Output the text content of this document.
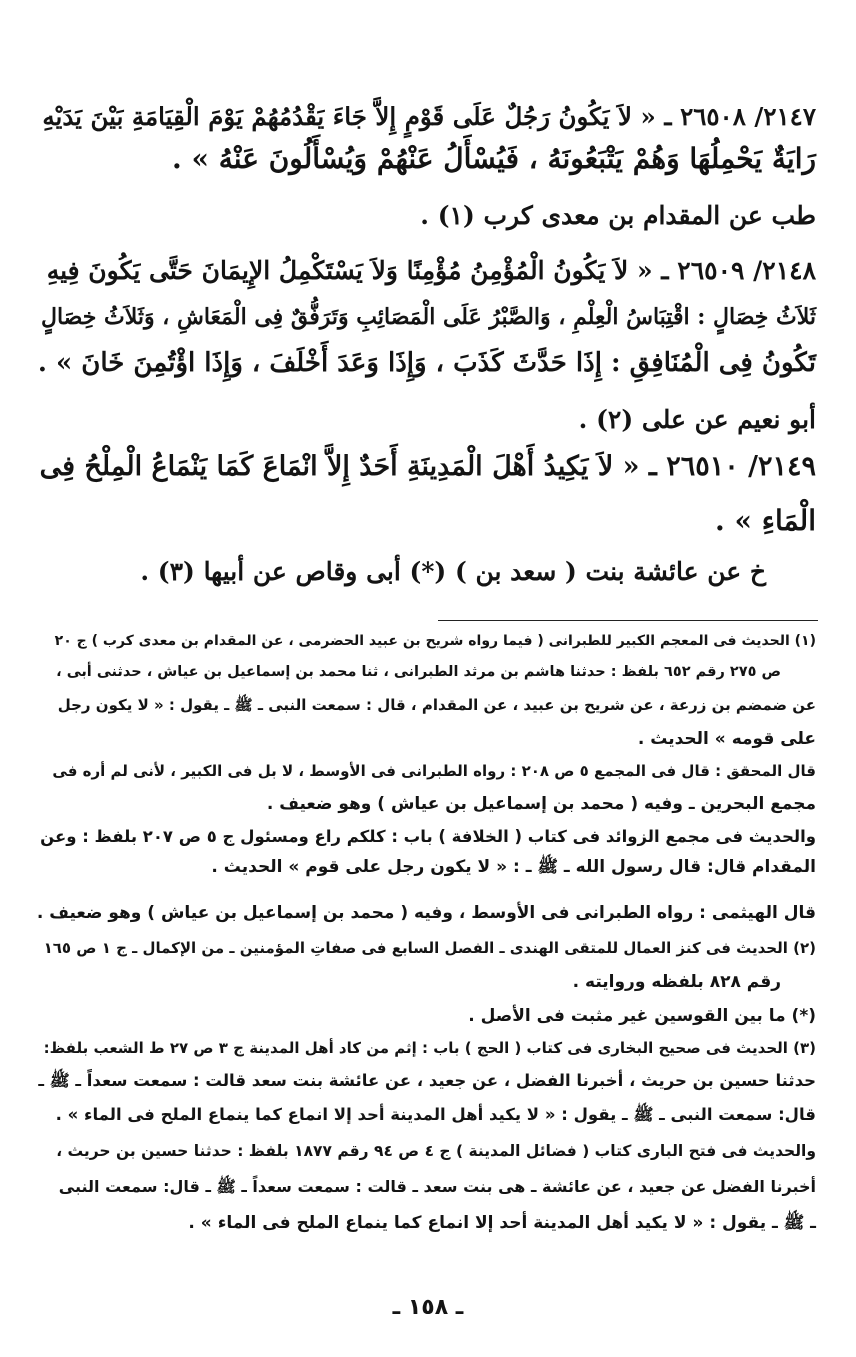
٢١٤٧/ ٢٦٥٠٨ ـ « لاَ يَكُونُ رَجُلٌ عَلَى قَوْمٍ إِلاَّ جَاءَ يَقْدُمُهُمْ يَوْمَ الْقِيَامَةِ بَيْنَ يَدَيْهِ
رَايَةٌ يَحْمِلُهَا وَهُمْ يَتْبَعُونَهُ ، فَيُسْأَلُ عَنْهُمْ وَيُسْأَلُونَ عَنْهُ » .
طب عن المقدام بن معدى كرب (١) .
٢١٤٨/ ٢٦٥٠٩ ـ « لاَ يَكُونُ الْمُؤْمِنُ مُؤْمِنًا وَلاَ يَسْتَكْمِلُ الإِيمَانَ حَتَّى يَكُونَ فِيهِ
ثَلاَثُ خِصَالٍ : اقْتِبَاسُ الْعِلْمِ ، وَالصَّبْرُ عَلَى الْمَصَائِبِ وَتَرَفُّقٌ فِى الْمَعَاشِ ، وَثَلاَثُ خِصَالٍ
تَكُونُ فِى الْمُنَافِقِ : إِذَا حَدَّثَ كَذَبَ ، وَإِذَا وَعَدَ أَخْلَفَ ، وَإِذَا اؤْتُمِنَ خَانَ » .
أبو نعيم عن على (٢) .
٢١٤٩/ ٢٦٥١٠ ـ « لاَ يَكِيدُ أَهْلَ الْمَدِينَةِ أَحَدٌ إِلاَّ انْمَاعَ كَمَا يَنْمَاعُ الْمِلْحُ فِى
الْمَاءِ » .
خ عن عائشة بنت ( سعد بن ) (*) أبى وقاص عن أبيها (٣) .
(١) الحديث فى المعجم الكبير للطبرانى ( فيما رواه شريح بن عبيد الحضرمى ، عن المقدام بن معدى كرب ) ج ٢٠
ص ٢٧٥ رقم ٦٥٢ بلفظ : حدثنا هاشم بن مرثد الطبرانى ، ثنا محمد بن إسماعيل بن عياش ، حدثنى أبى ،
عن ضمضم بن زرعة ، عن شريح بن عبيد ، عن المقدام ، قال : سمعت النبى ـ ﷺ ـ يقول : « لا يكون رجل
على قومه » الحديث .
قال المحقق : قال فى المجمع ٥ ص ٢٠٨ : رواه الطبرانى فى الأوسط ، لا بل فى الكبير ، لأنى لم أره فى
مجمع البحرين ـ وفيه ( محمد بن إسماعيل بن عياش ) وهو ضعيف .
والحديث فى مجمع الزوائد فى كتاب ( الخلافة ) باب : كلكم راع ومسئول ج ٥ ص ٢٠٧ بلفظ : وعن
المقدام قال: قال رسول الله ـ ﷺ ـ : « لا يكون رجل على قوم » الحديث .
قال الهيثمى : رواه الطبرانى فى الأوسط ، وفيه ( محمد بن إسماعيل بن عياش ) وهو ضعيف .
(٢) الحديث فى كنز العمال للمتقى الهندى ـ الفصل السابع فى صفاتِ المؤمنين ـ من الإكمال ـ ج ١ ص ١٦٥
رقم ٨٢٨ بلفظه وروايته .
(*) ما بين القوسين غير مثبت فى الأصل .
(٣) الحديث فى صحيح البخارى فى كتاب ( الحج ) باب : إثم من كاد أهل المدينة ج ٣ ص ٢٧ ط الشعب بلفظ:
حدثنا حسين بن حريث ، أخبرنا الفضل ، عن جعيد ، عن عائشة بنت سعد قالت : سمعت سعداً ـ ﷺ ـ
قال: سمعت النبى ـ ﷺ ـ يقول : « لا يكيد أهل المدينة أحد إلا انماع كما ينماع الملح فى الماء » .
والحديث فى فتح البارى كتاب ( فضائل المدينة ) ج ٤ ص ٩٤ رقم ١٨٧٧ بلفظ : حدثنا حسين بن حريث ،
أخبرنا الفضل عن جعيد ، عن عائشة ـ هى بنت سعد ـ قالت : سمعت سعداً ـ ﷺ ـ قال: سمعت النبى
ـ ﷺ ـ يقول : « لا يكيد أهل المدينة أحد إلا انماع كما ينماع الملح فى الماء » .
ـ ١٥٨ ـ
